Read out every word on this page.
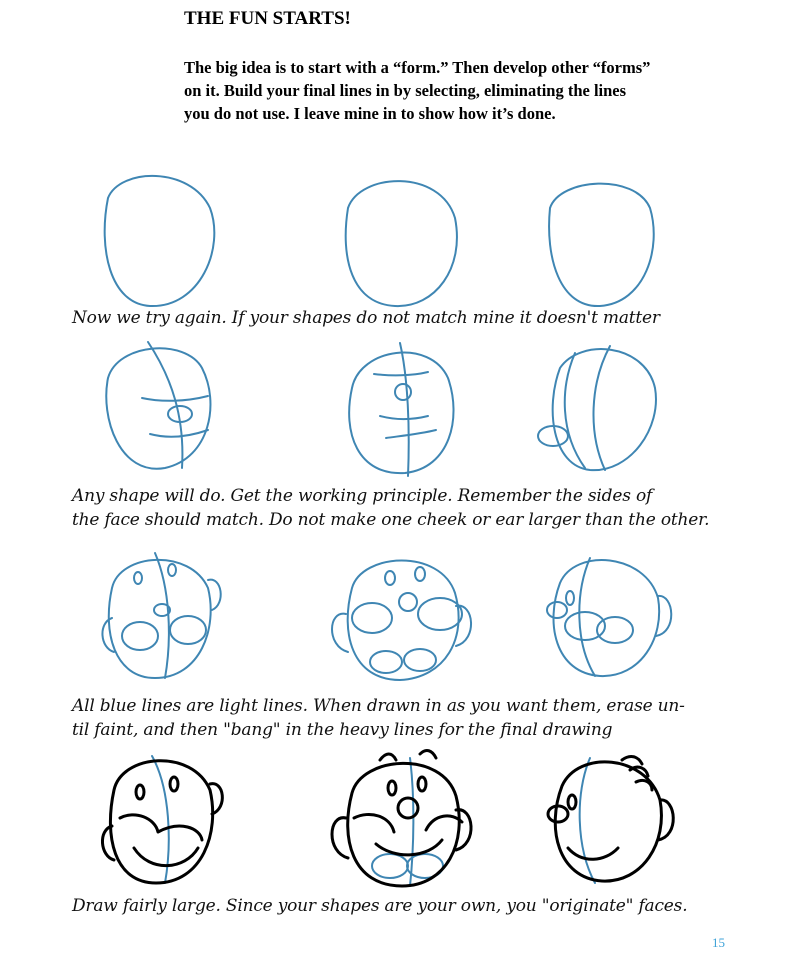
THE FUN STARTS!
The big idea is to start with a “form.” Then develop other “forms”
on it. Build your final lines in by selecting, eliminating the lines
you do not use. I leave mine in to show how it’s done.
Now we try again. If your shapes do not match mine it doesn't matter
Any shape will do. Get the working principle. Remember the sides of
the face should match. Do not make one cheek or ear larger than the other.
All blue lines are light lines. When drawn in as you want them, erase un-
til faint, and then "bang" in the heavy lines for the final drawing
Draw fairly large. Since your shapes are your own, you "originate" faces.
15
